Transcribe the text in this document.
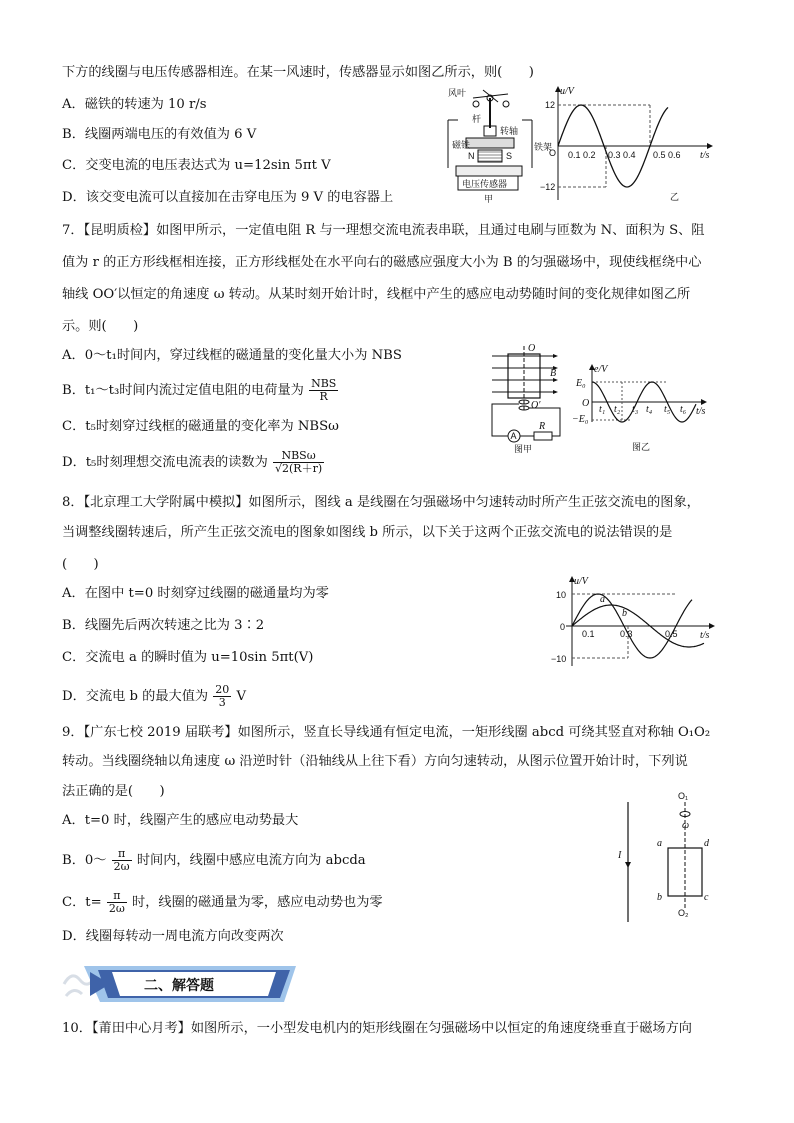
下方的线圈与电压传感器相连。在某一风速时，传感器显示如图乙所示，则(　　)
A．磁铁的转速为 10 r/s
B．线圈两端电压的有效值为 6 V
C．交变电流的电压表达式为 u=12sin 5πt V
D．该交变电流可以直接加在击穿电压为 9 V 的电容器上
风叶
杆
转轴
磁铁
N	S
铁架
电压传感器
甲
u/V
t/s
12
O
−12
0.1 0.2 0.3 0.4 0.5 0.6
乙
7．【昆明质检】如图甲所示，一定值电阻 R 与一理想交流电流表串联，且通过电刷与匝数为 N、面积为 S、阻
值为 r 的正方形线框相连接，正方形线框处在水平向右的磁感应强度大小为 B 的匀强磁场中，现使线框绕中心
轴线 OO′以恒定的角速度 ω 转动。从某时刻开始计时，线框中产生的感应电动势随时间的变化规律如图乙所
示。则(　　)
A．0～t₁时间内，穿过线框的磁通量的变化量大小为 NBS
B．t₁～t₃时间内流过定值电阻的电荷量为 $\frac{\text{NBS}}{R}$
C．t₅时刻穿过线框的磁通量的变化率为 NBSω
D．t₅时刻理想交流电流表的读数为 $\frac{\text{NBSω}}{√2(R+r)}$
O
B
O′
A
R
图甲
e/V
t/s
E₀
O
−E₀
t₁ t₂ t₃ t₄ t₅ t₆
图乙
8．【北京理工大学附属中模拟】如图所示，图线 a 是线圈在匀强磁场中匀速转动时所产生正弦交流电的图象，
当调整线圈转速后，所产生正弦交流电的图象如图线 b 所示，以下关于这两个正弦交流电的说法错误的是
(　　)
A．在图中 t=0 时刻穿过线圈的磁通量均为零
B．线圈先后两次转速之比为 3∶2
C．交流电 a 的瞬时值为 u=10sin 5πt(V)
D．交流电 b 的最大值为 $\frac{20}{3}$ V
u/V
t/s
10
0
−10
a
b
0.1	0.3	0.5
9．【广东七校 2019 届联考】如图所示，竖直长导线通有恒定电流，一矩形线圈 abcd 可绕其竖直对称轴 O₁O₂
转动。当线圈绕轴以角速度 ω 沿逆时针（沿轴线从上往下看）方向匀速转动，从图示位置开始计时，下列说
法正确的是(　　)
A．t=0 时，线圈产生的感应电动势最大
B．0～ $\frac{\pi}{2\omega}$ 时间内，线圈中感应电流方向为 abcda
C．$t= \frac{\pi}{2\omega}$ 时，线圈的磁通量为零，感应电动势也为零
D．线圈每转动一周电流方向改变两次
I
O₁
ω
a	d
b	c
O₂
二、解答题
10．【莆田中心月考】如图所示，一小型发电机内的矩形线圈在匀强磁场中以恒定的角速度绕垂直于磁场方向
